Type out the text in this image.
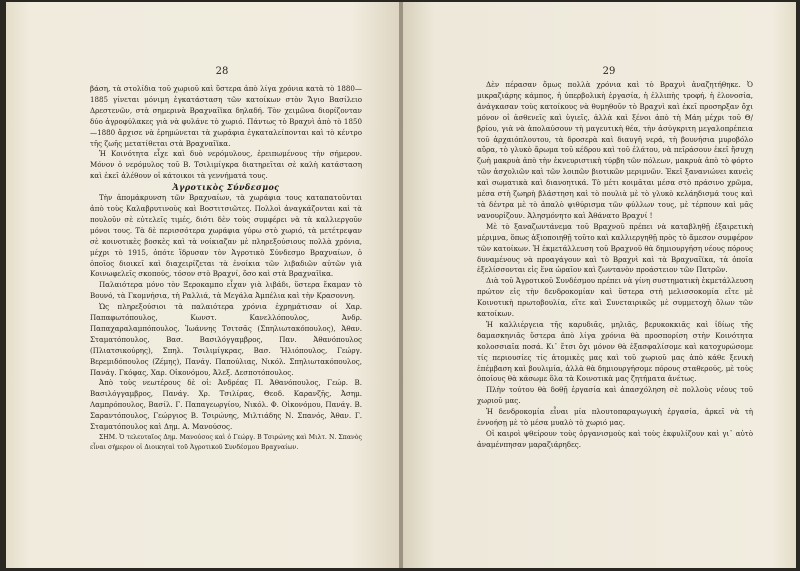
28

βάση, τὰ στολίδια τοῦ χωριοῦ καὶ ὕστερα ἀπὸ λίγα χρόνια κατὰ τὸ 1880—1885 γίνεται μόνιμη ἐγκατάσταση τῶν κατοίκων στὸν Ἅγιο Βασίλειο Δρεστενῶν, στὰ σημερινὰ Βραχναῖϊκα δηλαδή. Τὸν χειμῶνα διορίζονταν δύο ἀγροφύλακες γιὰ νὰ φυλάνε τὸ χωριό. Πάντως τὸ Βραχνὶ ἀπὸ τὸ 1850—1880 ἄρχισε νὰ ἐρημώνεται τὰ χωράφια ἐγκαταλείπονται καὶ τὸ κέντρο τῆς ζωῆς μετατίθεται στὰ Βραχναῖϊκα.

Ἡ Κοινότητα εἶχε καὶ δυὸ νερόμυλους, ἐρειπωμένους τὴν σήμερον. Μόνον ὁ νερόμυλος τοῦ Β. Τσιλιμίγκρα διατηρεῖται σὲ καλὴ κατάσταση καὶ ἐκεῖ ἀλέθουν οἱ κάτοικοι τὰ γεννήματά τους.

Ἀγροτικὸς Σύνδεσμος

Τὴν ἀπομάκρυνση τῶν Βραχναίων, τὰ χωράφια τους καταπατοῦνται ἀπὸ τοὺς Καλαβρυτινοὺς καὶ Βοστιτσιῶτες. Πολλοὶ ἀναγκάζονται καὶ τὰ πουλοῦν σὲ εὐτελεῖς τιμές, διότι δὲν τοὺς συμφέρει νὰ τὰ καλλιεργοῦν μόνοι τους. Τὰ δὲ περισσότερα χωράφια γύρω στὸ χωριό, τὰ μετέτρεψαν σὲ κοινοτικὲς βοσκὲς καὶ τὰ νοίκιαζαν μὲ πληρεξούσιους πολλὰ χρόνια, μέχρι τὸ 1915, ὁπότε ἵδρυσαν τὸν Ἀγροτικὸ Σύνδεσμο Βραχναίων, ὁ ὁποῖος διοικεῖ καὶ διαχειρίζεται τὰ ἐνοίκια τῶν λιβαδιῶν αὐτῶν γιὰ Κοινωφελεῖς σκοπούς, τόσον στὸ Βραχνί, ὅσο καὶ στὰ Βραχναῖϊκα.

Παλαιότερα μόνο τὸν Ξεροκαμπο εἶχαν γιὰ λιβάδι, ὕστερα ἔκαμαν τὸ Βουνό, τὰ Γκομνήσια, τὴ Ραλλιά, τὰ Μεγάλα Ἀμπέλια καὶ τὴν Κρασοννη.

Ὡς πληρεξούσιοι τὰ παλαιότερα χρόνια ἐχρημάτισαν οἱ Χαρ. Παπαφωτόπουλος, Κωνστ. Κανελλόπουλος, Ἀνδρ. Παπαχαραλαμπόπουλος, Ἰωάννης Τσιτσᾶς (Σπηλιωτακόπουλος), Ἀθαν. Σταματόπουλος, Βασ. Βασιλόγγαμβρος, Παν. Ἀθανόπουλος (Πλιατσικούρης), Σπηλ. Τσιλιμίγκρας, Βασ. Ἠλιόπουλος, Γεώργ. Βερεμιδόπουλος (Ζέμης), Πανάγ. Παπούλιας, Νικόλ. Σπηλιωτακόπουλος, Πανάγ. Γκόφας, Χαρ. Οἰκονόμου, Ἀλεξ. Δεσποτόπουλος.

Ἀπὸ τοὺς νεωτέρους δὲ οἱ: Ἀνδρέας Π. Ἀθανόπουλος, Γεώρ. Β. Βασιλόγγαμβρος, Πανάγ. Χρ. Τσιλίρας, Θεοδ. Καρανζῆς, Ἀσημ. Λαμπρόπουλος, Βασίλ. Γ. Παπαγεωργίου, Νικόλ. Φ. Οἰκονόμου, Πανάγ. Β. Σαραντόπουλος, Γεώργιος Β. Τσιρώνης, Μιλτιάδης Ν. Σπανός, Ἀθαν. Γ. Σταματόπουλος καὶ Δημ. Α. Μανούσος.

ΣΗΜ. Ὁ τελευταῖος Δημ. Μανούσος καὶ ὁ Γεώργ. Β Τσιρώνης καὶ Μιλτ. Ν. Σπανὸς εἶναι σήμερον οἱ Διοικηταὶ τοῦ Ἀγροτικοῦ Συνδέσμου Βραχναίων.

29

Δὲν πέρασαν ὅμως πολλὰ χρόνια καὶ τὸ Βραχνὶ ἀναζητήθηκε. Ὁ μικραζιάρης κάμπος, ἡ ὑπερβολικὴ ἐργασία, ἡ ἐλλιπὴς τροφή, ἡ ἐλονοσία, ἀνάγκασαν τοὺς κατοίκους νὰ θυμηθοῦν τὸ Βραχνὶ καὶ ἐκεῖ προσηρξαν ὄχι μόνον οἱ ἀσθενεῖς καὶ ὑγιεῖς, ἀλλὰ καὶ ξένοι ἀπὸ τὴ Μάη μέχρι τοῦ Θ/βρίου, γιὰ νὰ ἀπολαύσουν τὴ μαγευτικὴ θέα, τὴν ἀσύγκριτη μεγαλοπρέπεια τοῦ ἀρχαιόπλουτου, τὰ δροσερὰ καὶ διαυγῆ νερά, τὴ βουνήσια μυροβόλο αὔρα, τὸ γλυκὸ ἄρωμα τοῦ κέδρου καὶ τοῦ ἐλάτου, νὰ πεῖράσουν ἐκεῖ ἥσυχη ζωὴ μακρυὰ ἀπὸ τὴν ἐκνευριστικὴ τύρβη τῶν πόλεων, μακρυὰ ἀπὸ τὸ φόρτο τῶν ἀσχολιῶν καὶ τῶν λοιπῶν βιοτικῶν μεριμνῶν. Ἐκεῖ ξανανιώνει κανεὶς καὶ σωματικὰ καὶ διανοητικά. Τὸ μέτι κοιμᾶται μέσα στὸ πράσινο χρῶμα, μέσα στὴ ζωηρὴ βλάστηση καὶ τὸ πουλιὰ μὲ τὸ γλυκὸ κελάηδισμά τους καὶ τὰ δέντρα μὲ τὸ ἁπαλὸ ψιθύρισμα τῶν φύλλων τους, μὲ τέρπουν καὶ μᾶς νανουρίζουν. Ἀλησμόνητο καὶ Ἀθάνατο Βραχνί !

Μὲ τὸ ξαναζωντάνεμα τοῦ Βραχνοῦ πρέπει νὰ καταβληθῇ ἐξαιρετικὴ μέριμνα, ὅπως ἀξιοποιηθῇ τοῦτο καὶ καλλιεργηθῇ πρὸς τὸ ἄμεσον συμφέρον τῶν κατοίκων. Ἡ ἐκμετάλλευση τοῦ Βραχνοῦ θὰ δημιουργήση νέους πόρους δυναμένους νὰ προαγάγουν καὶ τὸ Βραχνὶ καὶ τὰ Βραχναῖϊκα, τὰ ὁποῖα ἐξελίσσονται εἰς ἕνα ὡραῖον καὶ ζωντανὸν προάστειον τῶν Πατρῶν.

Διὰ τοῦ Ἀγροτικοῦ Συνδέσμου πρέπει νὰ γίνη συστηματικὴ ἐκμετάλλευση πρώτον εἰς τὴν δενδροκομίαν καὶ ὕστερα στὴ μελισσοκομία εἴτε μὲ Κοινοτικὴ πρωτοβουλία, εἴτε καὶ Συνεταιρικῶς μὲ συμμετοχὴ ὅλων τῶν κατοίκων.

Ἡ καλλιέργεια τῆς καρυδιᾶς, μηλιᾶς, βερυκοκκιᾶς καὶ ἰδίως τῆς δαμασκηνιᾶς ὕστερα ἀπὸ λίγα χρόνια θὰ προσπορίση στὴν Κοινότητα κολοσσιαῖα ποσά. Κι᾿ ἔτσι ὄχι μόνον θὰ ἐξασφαλίσομε καὶ κατοχυρώσομε τίς περιουσίες τίς ἀτομικὲς μας καὶ τοῦ χωριοῦ μας ἀπὸ κάθε ξενικὴ ἐπέμβαση καὶ βουλιμία, ἀλλὰ θὰ δημιουργήσομε πόρους σταθερούς, μὲ τοὺς ὁποίους θὰ κάσωμε ὅλα τὰ Κοινοτικὰ μας ζητήματα ἀνέτως.

Πλὴν τούτου θὰ δοθῇ ἐργασία καὶ ἀπασχόληση σὲ πολλοὺς νέους τοῦ χωριοῦ μας.

Ἡ δενδροκομία εἶναι μία πλουτοπαραγωγικὴ ἐργασία, ἀρκεῖ νὰ τὴ ἐννοήσῃ μὲ τὸ μέσα μυαλὸ τὸ χωριό μας.

Οἱ καιροὶ ψθείρουν τοὺς ὀργανισμοὺς καὶ τοὺς ἐκφυλίζουν καὶ γι᾿ αὐτὸ ἀναμένπησαν μαραζιάρηδες.
